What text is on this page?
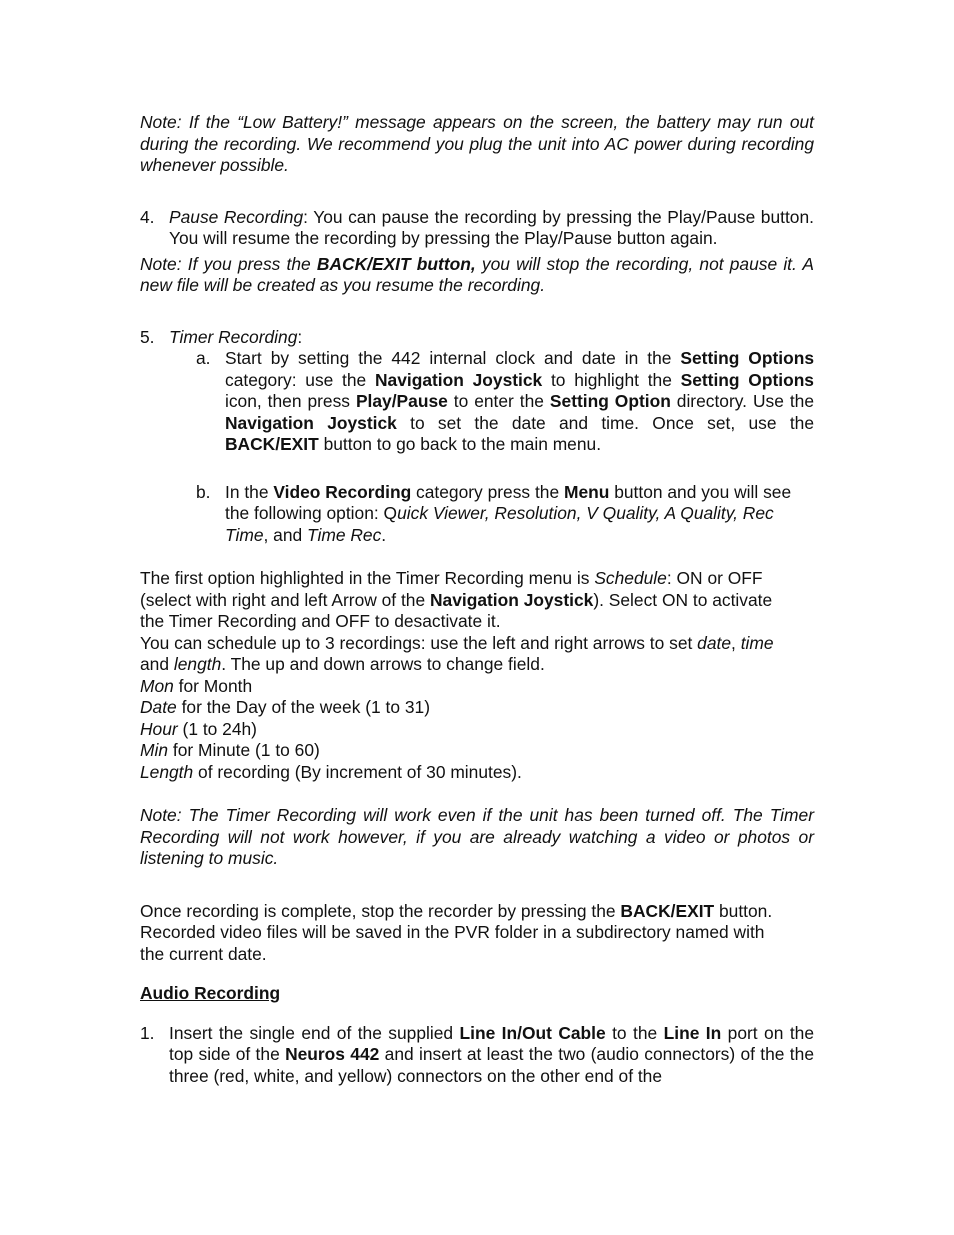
Note: If the “Low Battery!” message appears on the screen, the battery may run out during the recording. We recommend you plug the unit into AC power during recording whenever possible.

4. Pause Recording: You can pause the recording by pressing the Play/Pause button. You will resume the recording by pressing the Play/Pause button again.

Note: If you press the BACK/EXIT button, you will stop the recording, not pause it. A new file will be created as you resume the recording.

5. Timer Recording:
a. Start by setting the 442 internal clock and date in the Setting Options category: use the Navigation Joystick to highlight the Setting Options icon, then press Play/Pause to enter the Setting Option directory. Use the Navigation Joystick to set the date and time. Once set, use the BACK/EXIT button to go back to the main menu.
b. In the Video Recording category press the Menu button and you will see the following option: Quick Viewer, Resolution, V Quality, A Quality, Rec Time, and Time Rec.

The first option highlighted in the Timer Recording menu is Schedule: ON or OFF (select with right and left Arrow of the Navigation Joystick). Select ON to activate the Timer Recording and OFF to desactivate it.

You can schedule up to 3 recordings: use the left and right arrows to set date, time and length. The up and down arrows to change field.

Mon for Month

Date for the Day of the week (1 to 31)

Hour (1 to 24h)

Min for Minute (1 to 60)

Length of recording (By increment of 30 minutes).

Note: The Timer Recording will work even if the unit has been turned off. The Timer Recording will not work however, if you are already watching a video or photos or listening to music.

Once recording is complete, stop the recorder by pressing the BACK/EXIT button. Recorded video files will be saved in the PVR folder in a subdirectory named with the current date.

Audio Recording

1. Insert the single end of the supplied Line In/Out Cable to the Line In port on the top side of the Neuros 442 and insert at least the two (audio connectors) of the the three (red, white, and yellow) connectors on the other end of the
